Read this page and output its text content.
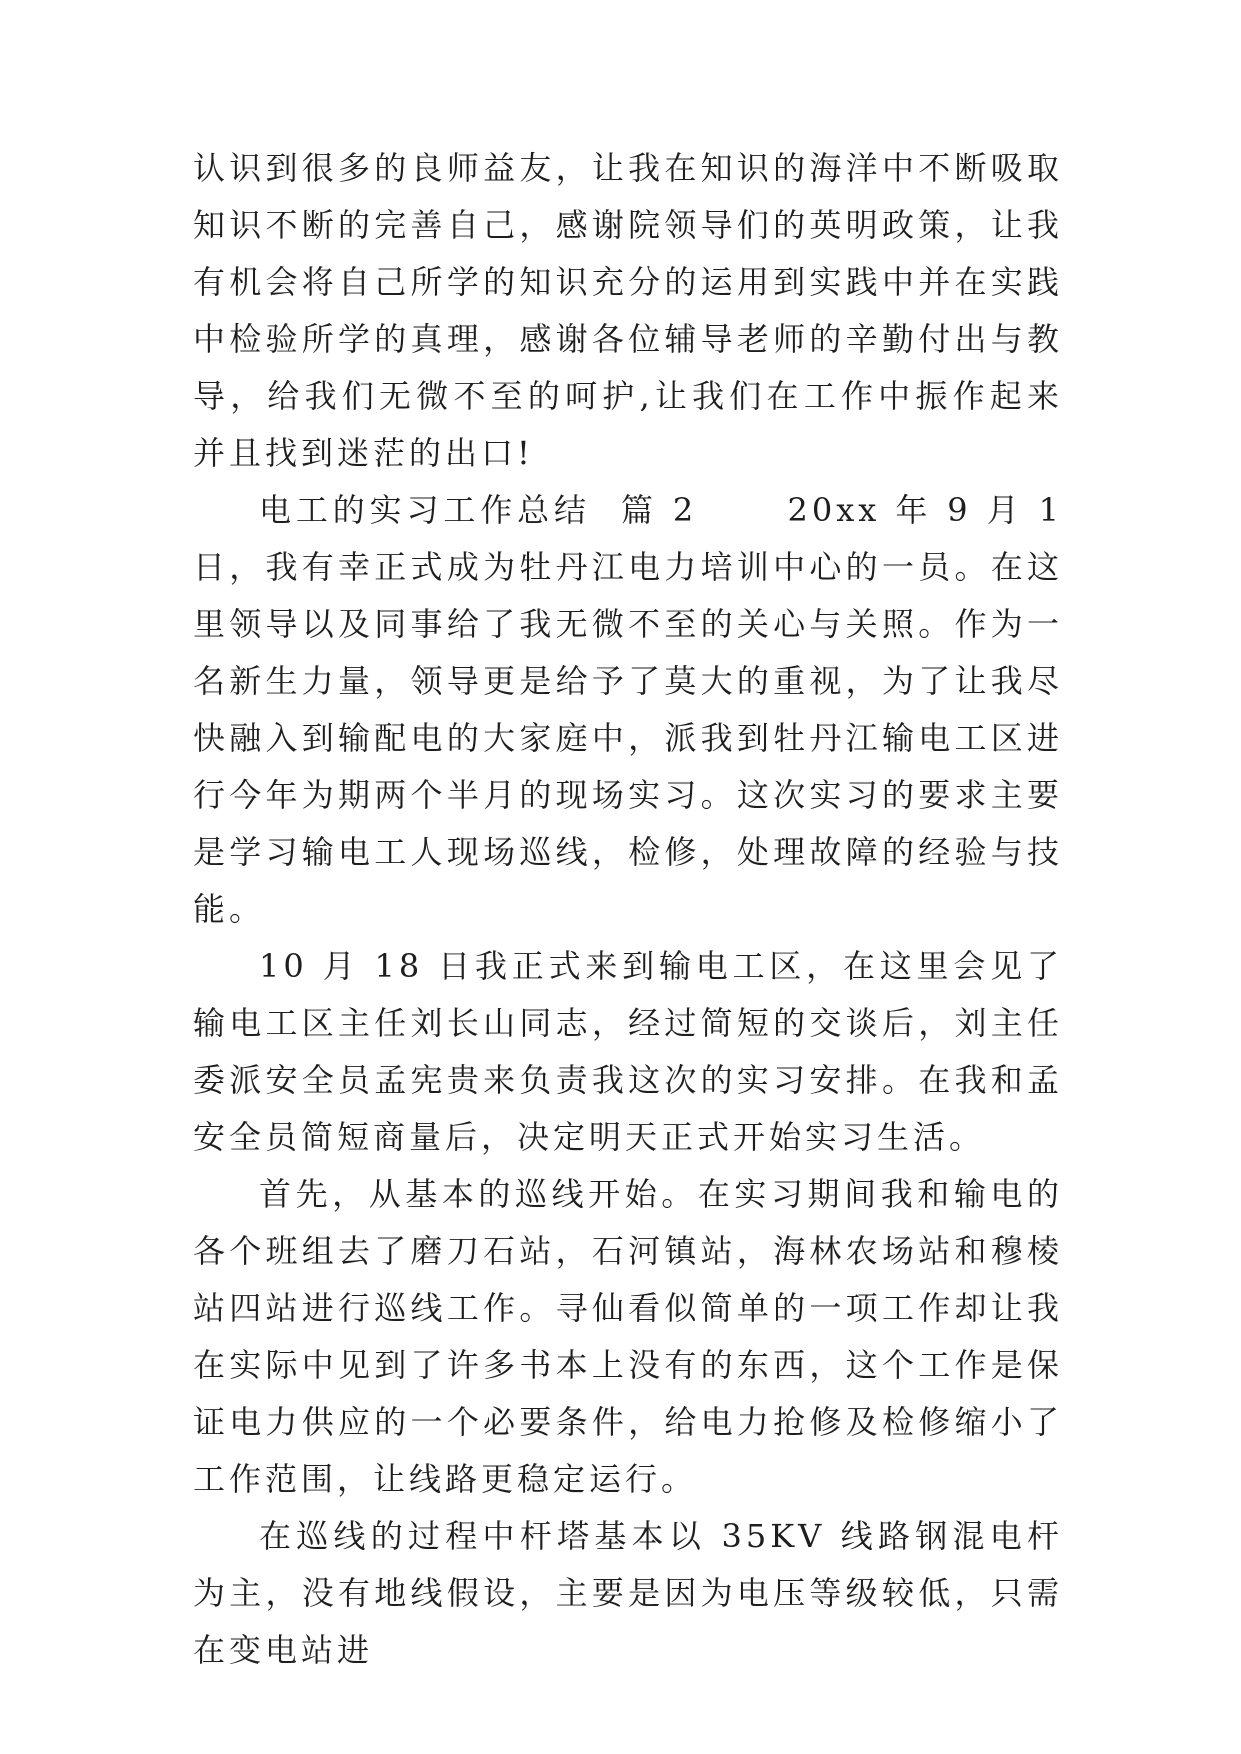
认识到很多的良师益友，让我在知识的海洋中不断吸取知识不断的完善自己，感谢院领导们的英明政策，让我有机会将自己所学的知识充分的运用到实践中并在实践中检验所学的真理，感谢各位辅导老师的辛勤付出与教导，给我们无微不至的呵护,让我们在工作中振作起来并且找到迷茫的出口!

电工的实习工作总结  篇 2	20xx 年 9 月 1 日，我有幸正式成为牡丹江电力培训中心的一员。在这里领导以及同事给了我无微不至的关心与关照。作为一名新生力量，领导更是给予了莫大的重视，为了让我尽快融入到输配电的大家庭中，派我到牡丹江输电工区进行今年为期两个半月的现场实习。这次实习的要求主要是学习输电工人现场巡线，检修，处理故障的经验与技能。

10 月 18 日我正式来到输电工区，在这里会见了输电工区主任刘长山同志，经过简短的交谈后，刘主任委派安全员孟宪贵来负责我这次的实习安排。在我和孟安全员简短商量后，决定明天正式开始实习生活。

首先，从基本的巡线开始。在实习期间我和输电的各个班组去了磨刀石站，石河镇站，海林农场站和穆棱站四站进行巡线工作。寻仙看似简单的一项工作却让我在实际中见到了许多书本上没有的东西，这个工作是保证电力供应的一个必要条件，给电力抢修及检修缩小了工作范围，让线路更稳定运行。

在巡线的过程中杆塔基本以 35KV 线路钢混电杆为主，没有地线假设，主要是因为电压等级较低，只需在变电站进
